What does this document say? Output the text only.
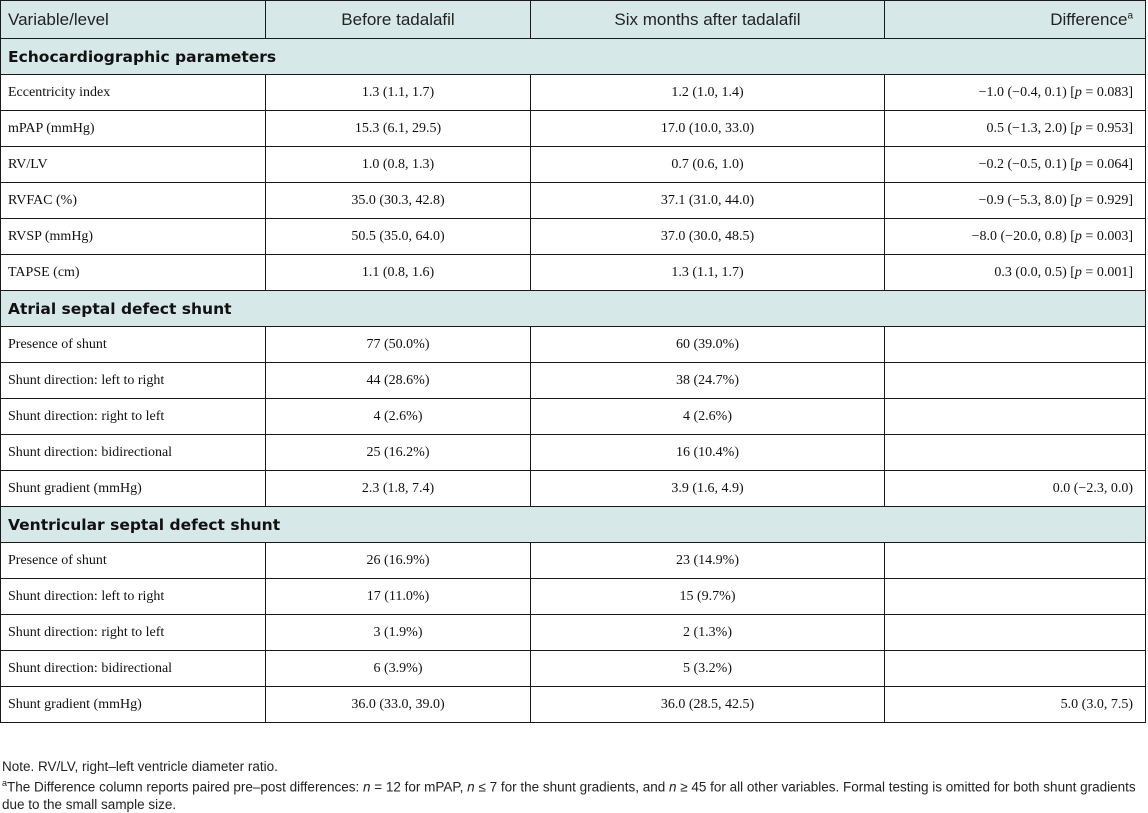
Variable/level	Before tadalafil	Six months after tadalafil	Difference$^a$
Echocardiographic parameters			
Eccentricity index	1.3 (1.1, 1.7)	1.2 (1.0, 1.4)	−1.0 (−0.4, 0.1) [p = 0.083]
mPAP (mmHg)	15.3 (6.1, 29.5)	17.0 (10.0, 33.0)	0.5 (−1.3, 2.0) [p = 0.953]
RV/LV	1.0 (0.8, 1.3)	0.7 (0.6, 1.0)	−0.2 (−0.5, 0.1) [p = 0.064]
RVFAC (%)	35.0 (30.3, 42.8)	37.1 (31.0, 44.0)	−0.9 (−5.3, 8.0) [p = 0.929]
RVSP (mmHg)	50.5 (35.0, 64.0)	37.0 (30.0, 48.5)	−8.0 (−20.0, 0.8) [p = 0.003]
TAPSE (cm)	1.1 (0.8, 1.6)	1.3 (1.1, 1.7)	0.3 (0.0, 0.5) [p = 0.001]
Atrial septal defect shunt			
Presence of shunt	77 (50.0%)	60 (39.0%)	
Shunt direction: left to right	44 (28.6%)	38 (24.7%)	
Shunt direction: right to left	4 (2.6%)	4 (2.6%)	
Shunt direction: bidirectional	25 (16.2%)	16 (10.4%)	
Shunt gradient (mmHg)	2.3 (1.8, 7.4)	3.9 (1.6, 4.9)	0.0 (−2.3, 0.0)
Ventricular septal defect shunt			
Presence of shunt	26 (16.9%)	23 (14.9%)	
Shunt direction: left to right	17 (11.0%)	15 (9.7%)	
Shunt direction: right to left	3 (1.9%)	2 (1.3%)	
Shunt direction: bidirectional	6 (3.9%)	5 (3.2%)	
Shunt gradient (mmHg)	36.0 (33.0, 39.0)	36.0 (28.5, 42.5)	5.0 (3.0, 7.5)

Note. RV/LV, right–left ventricle diameter ratio.

$^a$The Difference column reports paired pre–post differences: n = 12 for mPAP, n ≤ 7 for the shunt gradients, and n ≥ 45 for all other variables. Formal testing is omitted for both shunt gradients due to the small sample size.
